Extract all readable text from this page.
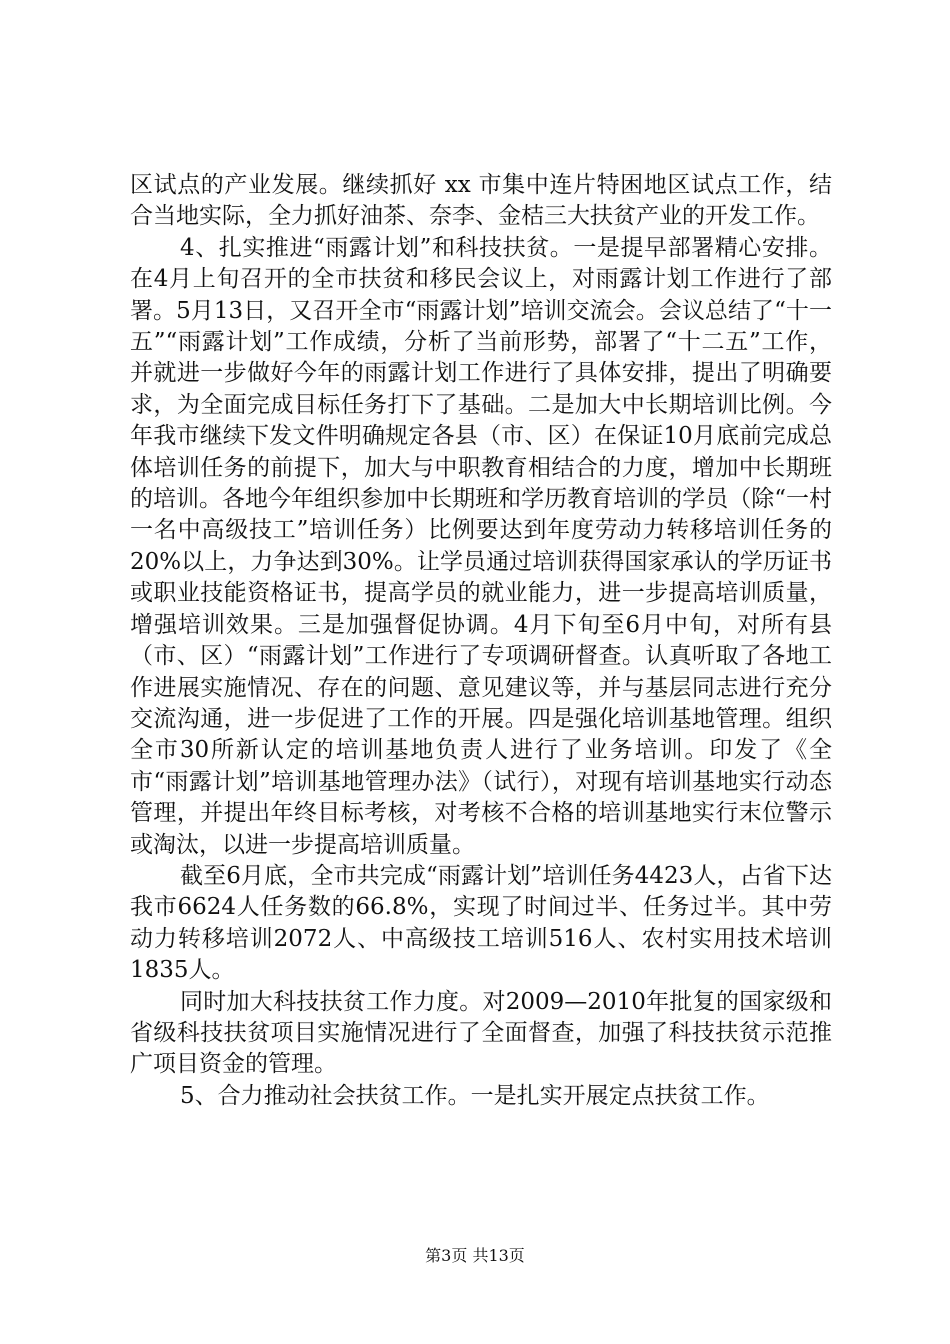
区试点的产业发展。继续抓好 xx 市集中连片特困地区试点工作，结合当地实际，全力抓好油茶、奈李、金桔三大扶贫产业的开发工作。

4、扎实推进“雨露计划”和科技扶贫。一是提早部署精心安排。在4月上旬召开的全市扶贫和移民会议上，对雨露计划工作进行了部署。5月13日，又召开全市“雨露计划”培训交流会。会议总结了“十一五”“雨露计划”工作成绩，分析了当前形势，部署了“十二五”工作，并就进一步做好今年的雨露计划工作进行了具体安排，提出了明确要求，为全面完成目标任务打下了基础。二是加大中长期培训比例。今年我市继续下发文件明确规定各县（市、区）在保证10月底前完成总体培训任务的前提下，加大与中职教育相结合的力度，增加中长期班的培训。各地今年组织参加中长期班和学历教育培训的学员（除“一村一名中高级技工”培训任务）比例要达到年度劳动力转移培训任务的20%以上，力争达到30%。让学员通过培训获得国家承认的学历证书或职业技能资格证书，提高学员的就业能力，进一步提高培训质量，增强培训效果。三是加强督促协调。4月下旬至6月中旬，对所有县（市、区）“雨露计划”工作进行了专项调研督查。认真听取了各地工作进展实施情况、存在的问题、意见建议等，并与基层同志进行充分交流沟通，进一步促进了工作的开展。四是强化培训基地管理。组织全市30所新认定的培训基地负责人进行了业务培训。印发了《全市“雨露计划”培训基地管理办法》（试行），对现有培训基地实行动态管理，并提出年终目标考核，对考核不合格的培训基地实行末位警示或淘汰，以进一步提高培训质量。

截至6月底，全市共完成“雨露计划”培训任务4423人，占省下达我市6624人任务数的66.8%，实现了时间过半、任务过半。其中劳动力转移培训2072人、中高级技工培训516人、农村实用技术培训1835人。

同时加大科技扶贫工作力度。对2009—2010年批复的国家级和省级科技扶贫项目实施情况进行了全面督查，加强了科技扶贫示范推广项目资金的管理。

5、合力推动社会扶贫工作。一是扎实开展定点扶贫工作。

第3页 共13页
